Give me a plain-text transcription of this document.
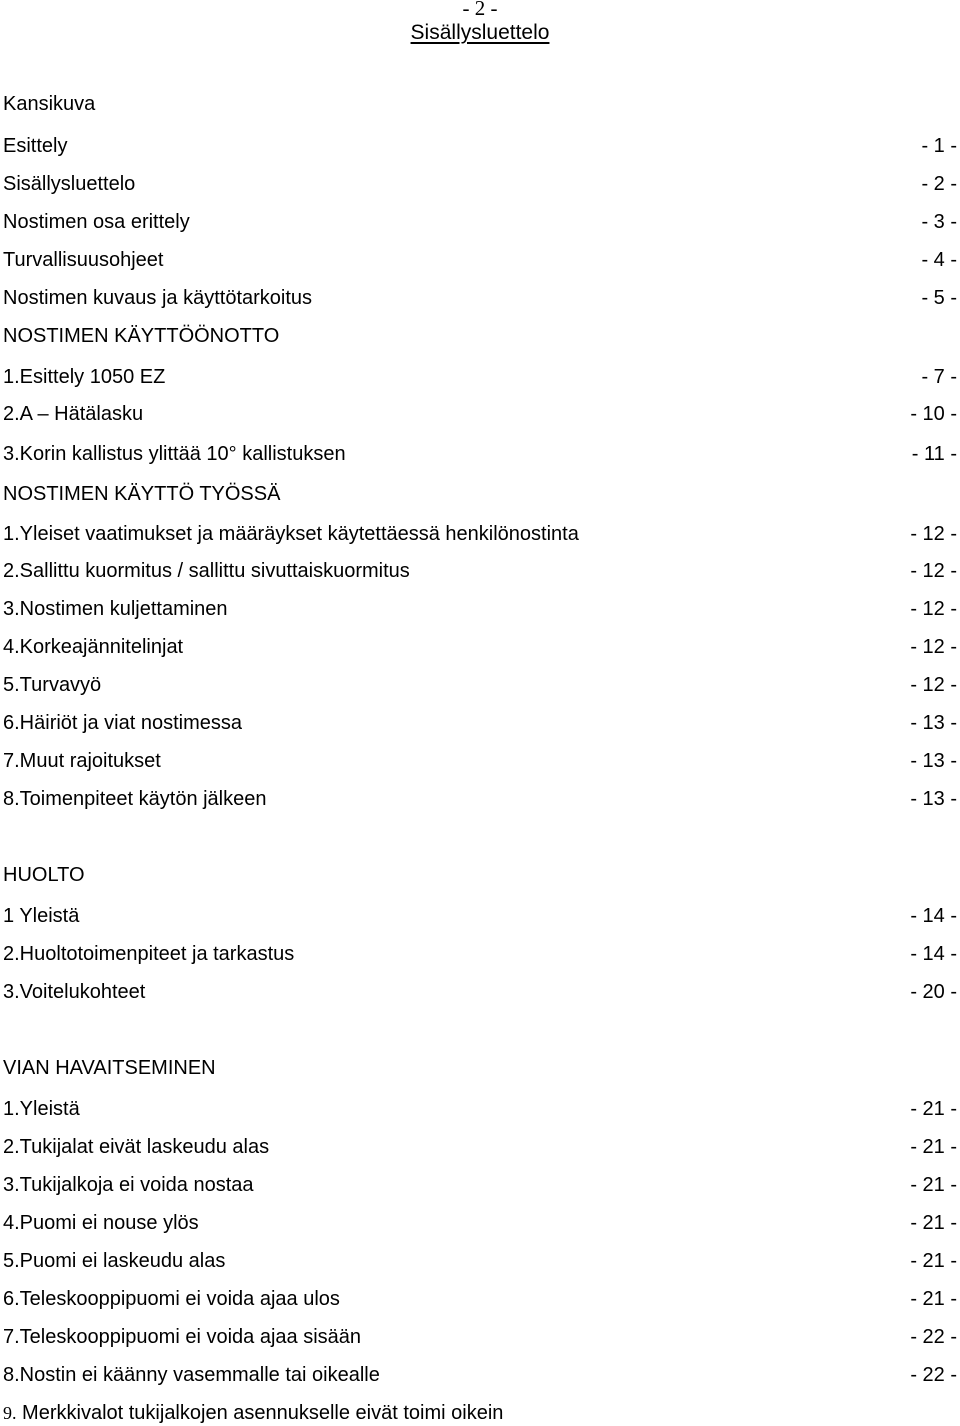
- 2 -
Sisällysluettelo
Kansikuva
Esittely	- 1 -
Sisällysluettelo	- 2 -
Nostimen osa erittely	- 3 -
Turvallisuusohjeet	- 4 -
Nostimen kuvaus ja käyttötarkoitus	- 5 -
NOSTIMEN KÄYTTÖÖNOTTO
1.Esittely 1050 EZ	- 7 -
2.A – Hätälasku	- 10 -
3.Korin kallistus ylittää 10° kallistuksen	- 11 -
NOSTIMEN KÄYTTÖ TYÖSSÄ
1.Yleiset vaatimukset ja määräykset käytettäessä henkilönostinta	- 12 -
2.Sallittu kuormitus / sallittu sivuttaiskuormitus	- 12 -
3.Nostimen kuljettaminen	- 12 -
4.Korkeajännitelinjat	- 12 -
5.Turvavyö	- 12 -
6.Häiriöt ja viat nostimessa	- 13 -
7.Muut rajoitukset	- 13 -
8.Toimenpiteet käytön jälkeen	- 13 -
HUOLTO
1 Yleistä	- 14 -
2.Huoltotoimenpiteet ja tarkastus	- 14 -
3.Voitelukohteet	- 20 -
VIAN HAVAITSEMINEN
1.Yleistä	- 21 -
2.Tukijalat eivät laskeudu alas	- 21 -
3.Tukijalkoja ei voida nostaa	- 21 -
4.Puomi ei nouse ylös	- 21 -
5.Puomi ei laskeudu alas	- 21 -
6.Teleskooppipuomi ei voida ajaa ulos	- 21 -
7.Teleskooppipuomi ei voida ajaa sisään	- 22 -
8.Nostin ei käänny vasemmalle tai oikealle	- 22 -
9. Merkkivalot tukijalkojen asennukselle eivät toimi oikein
